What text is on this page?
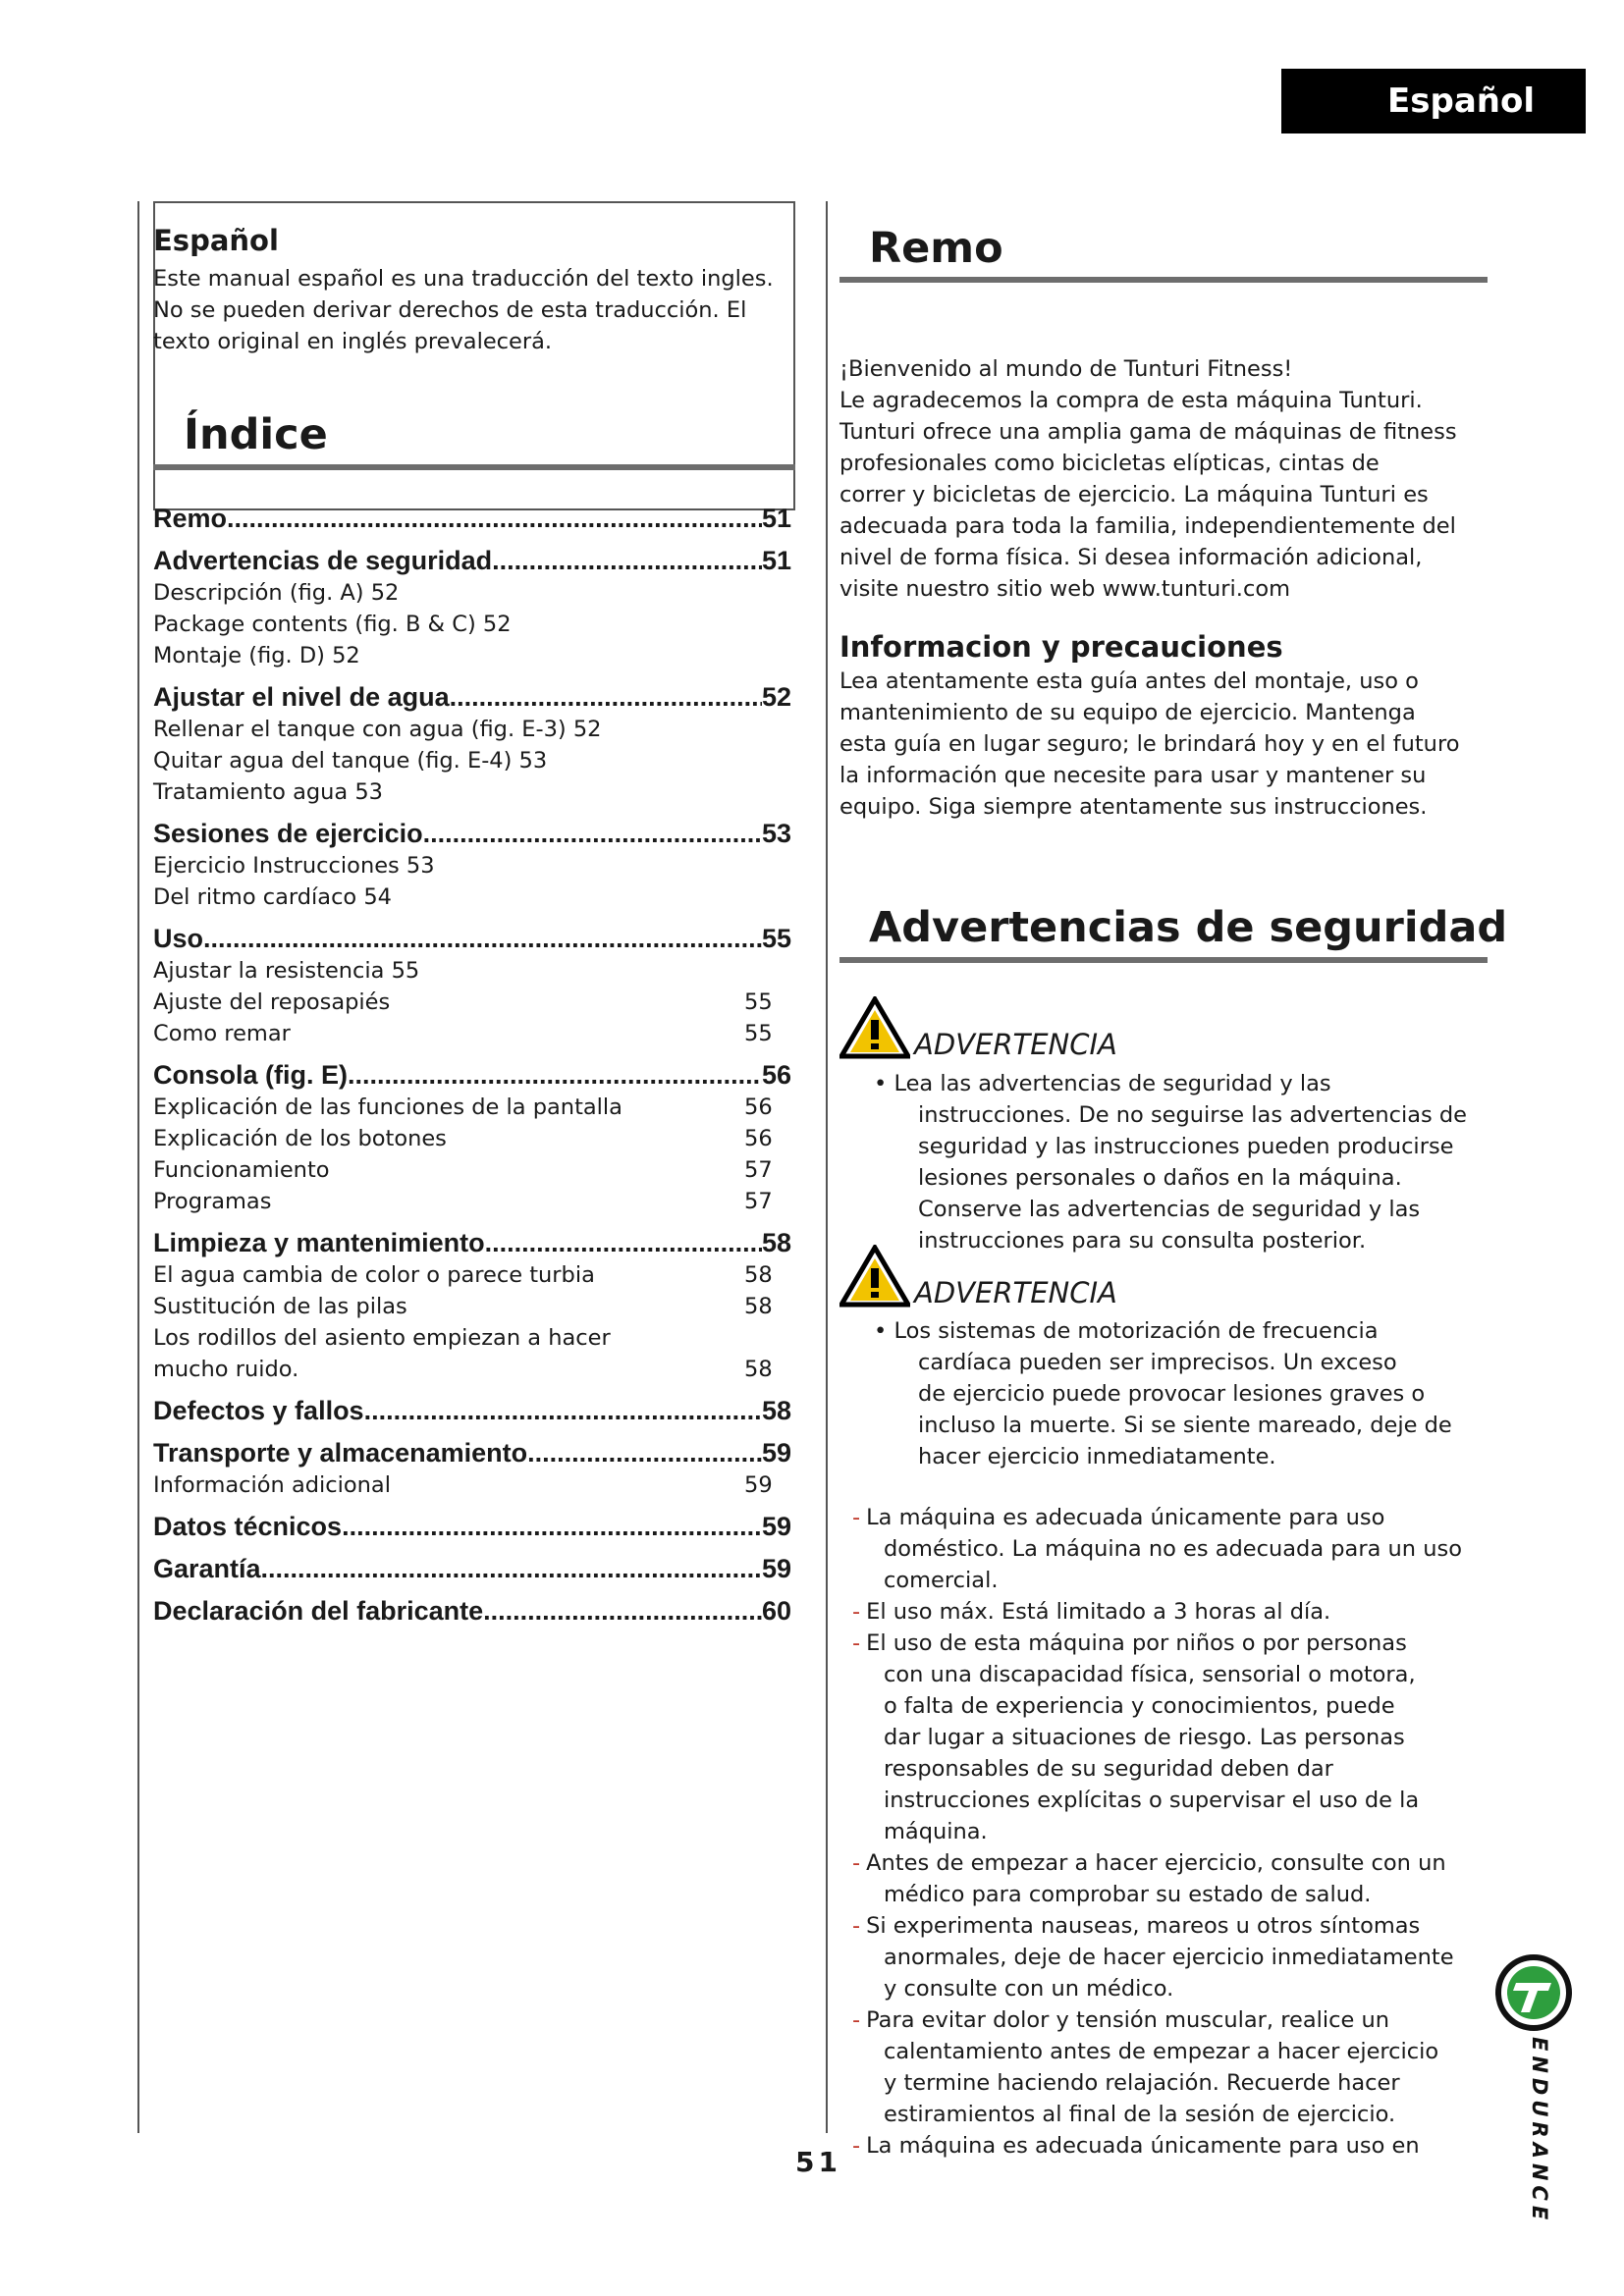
Español
Español
Este manual español es una traducción del texto ingles.
No se pueden derivar derechos de esta traducción. El
texto original en inglés prevalecerá.
Índice
Remo .....	51
Advertencias de seguridad .....	51
Descripción (fig. A) 52
Package contents (fig. B & C) 52
Montaje (fig. D) 52
Ajustar el nivel de agua .....	52
Rellenar el tanque con agua (fig. E-3) 52
Quitar agua del tanque (fig. E-4) 53
Tratamiento agua 53
Sesiones de ejercicio .....	53
Ejercicio Instrucciones 53
Del ritmo cardíaco 54
Uso .....	55
Ajustar la resistencia 55
Ajuste del reposapiés	55
Como remar	55
Consola (fig. E) .....	56
Explicación de las funciones de la pantalla	56
Explicación de los botones	56
Funcionamiento	57
Programas	57
Limpieza y mantenimiento .....	58
El agua cambia de color o parece turbia	58
Sustitución de las pilas	58
Los rodillos del asiento empiezan a hacer
mucho ruido.	58
Defectos y fallos .....	58
Transporte y almacenamiento .....	59
Información adicional	59
Datos técnicos .....	59
Garantía .....	59
Declaración del fabricante .....	60
Remo
¡Bienvenido al mundo de Tunturi Fitness!
Le agradecemos la compra de esta máquina Tunturi.
Tunturi ofrece una amplia gama de máquinas de fitness
profesionales como bicicletas elípticas, cintas de
correr y bicicletas de ejercicio. La máquina Tunturi es
adecuada para toda la familia, independientemente del
nivel de forma física. Si desea información adicional,
visite nuestro sitio web www.tunturi.com
Informacion y precauciones
Lea atentamente esta guía antes del montaje, uso o
mantenimiento de su equipo de ejercicio. Mantenga
esta guía en lugar seguro; le brindará hoy y en el futuro
la información que necesite para usar y mantener su
equipo. Siga siempre atentamente sus instrucciones.
Advertencias de seguridad
ADVERTENCIA
• Lea las advertencias de seguridad y las
instrucciones. De no seguirse las advertencias de
seguridad y las instrucciones pueden producirse
lesiones personales o daños en la máquina.
Conserve las advertencias de seguridad y las
instrucciones para su consulta posterior.
ADVERTENCIA
• Los sistemas de motorización de frecuencia
cardíaca pueden ser imprecisos. Un exceso
de ejercicio puede provocar lesiones graves o
incluso la muerte. Si se siente mareado, deje de
hacer ejercicio inmediatamente.
- La máquina es adecuada únicamente para uso
doméstico. La máquina no es adecuada para un uso
comercial.
- El uso máx. Está limitado a 3 horas al día.
- El uso de esta máquina por niños o por personas
con una discapacidad física, sensorial o motora,
o falta de experiencia y conocimientos, puede
dar lugar a situaciones de riesgo. Las personas
responsables de su seguridad deben dar
instrucciones explícitas o supervisar el uso de la
máquina.
- Antes de empezar a hacer ejercicio, consulte con un
médico para comprobar su estado de salud.
- Si experimenta nauseas, mareos u otros síntomas
anormales, deje de hacer ejercicio inmediatamente
y consulte con un médico.
- Para evitar dolor y tensión muscular, realice un
calentamiento antes de empezar a hacer ejercicio
y termine haciendo relajación. Recuerde hacer
estiramientos al final de la sesión de ejercicio.
- La máquina es adecuada únicamente para uso en
51	ENDURANCE
